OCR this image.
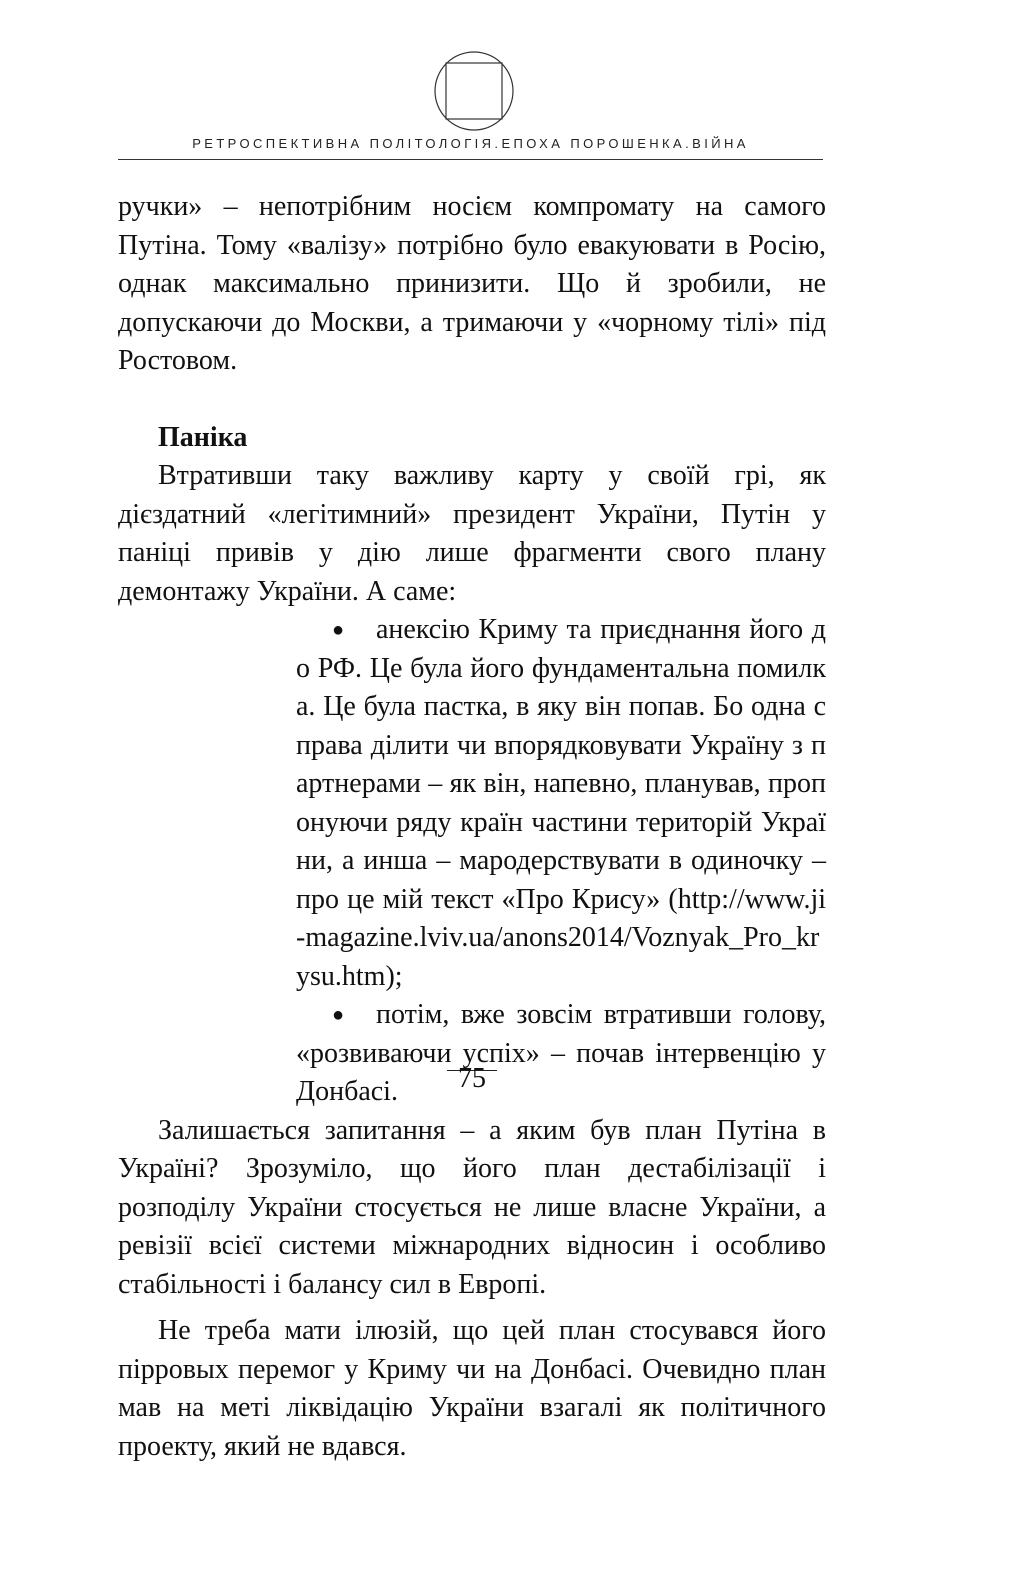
РЕТРОСПЕКТИВНА ПОЛІТОЛОГІЯ.ЕПОХА ПОРОШЕНКА.ВІЙНА

ручки» – непотрібним носієм компромату на самого Путіна. Тому «валізу» потрібно було евакуювати в Росію, однак максимально принизити. Що й зробили, не допускаючи до Москви, а тримаючи у «чорному тілі» під Ростовом.

Паніка

Втративши таку важливу карту у своїй грі, як дієздатний «легітимний» президент України, Путін у паніці привів у дію лише фрагменти свого плану демонтажу України. А саме:

● анексію Криму та приєднання його до РФ. Це була його фундаментальна помилка. Це була пастка, в яку він попав. Бо одна справа ділити чи впорядковувати Україну з партнерами – як він, напевно, планував, пропонуючи ряду країн частини територій України, а инша – мародерствувати в одиночку – про це мій текст «Про Крису» (http://www.ji-magazine.lviv.ua/anons2014/Voznyak_Pro_krysu.htm);
● потім, вже зовсім втративши голову, «розвиваючи успіх» – почав інтервенцію у Донбасі.

Залишається запитання – а яким був план Путіна в Україні? Зрозуміло, що його план дестабілізації і розподілу України стосується не лише власне України, а ревізії всієї системи міжнародних відносин і особливо стабільності і балансу сил в Европі.

Не треба мати ілюзій, що цей план стосувався його пірровых перемог у Криму чи на Донбасі. Очевидно план мав на меті ліквідацію України взагалі як політичного проекту, який не вдався.

75
